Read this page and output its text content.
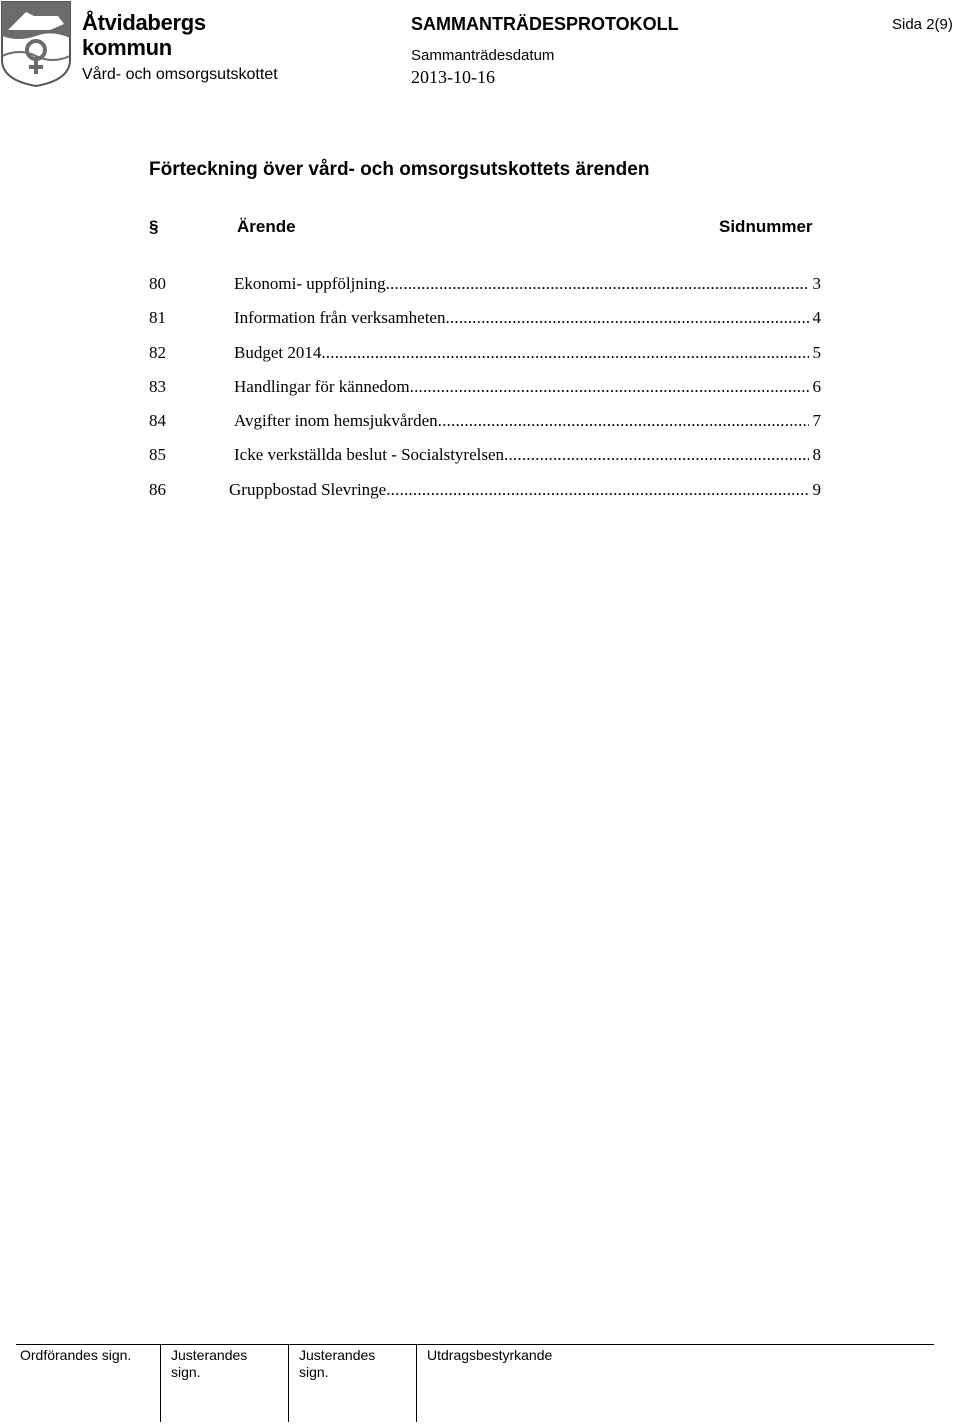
Åtvidabergs
kommun
Vård- och omsorgsutskottet
SAMMANTRÄDESPROTOKOLL
Sammanträdesdatum
2013-10-16
Sida 2(9)
Förteckning över vård- och omsorgsutskottets ärenden
§	Ärende	Sidnummer
80	Ekonomi- uppföljning .....	3
81	Information från verksamheten .....	4
82	Budget 2014 .....	5
83	Handlingar för kännedom .....	6
84	Avgifter inom hemsjukvården .....	7
85	Icke verkställda beslut - Socialstyrelsen .....	8
86	Gruppbostad Slevringe .....	9
Ordförandes sign.	Justerandes
sign.
Justerandes
sign.
Utdragsbestyrkande
